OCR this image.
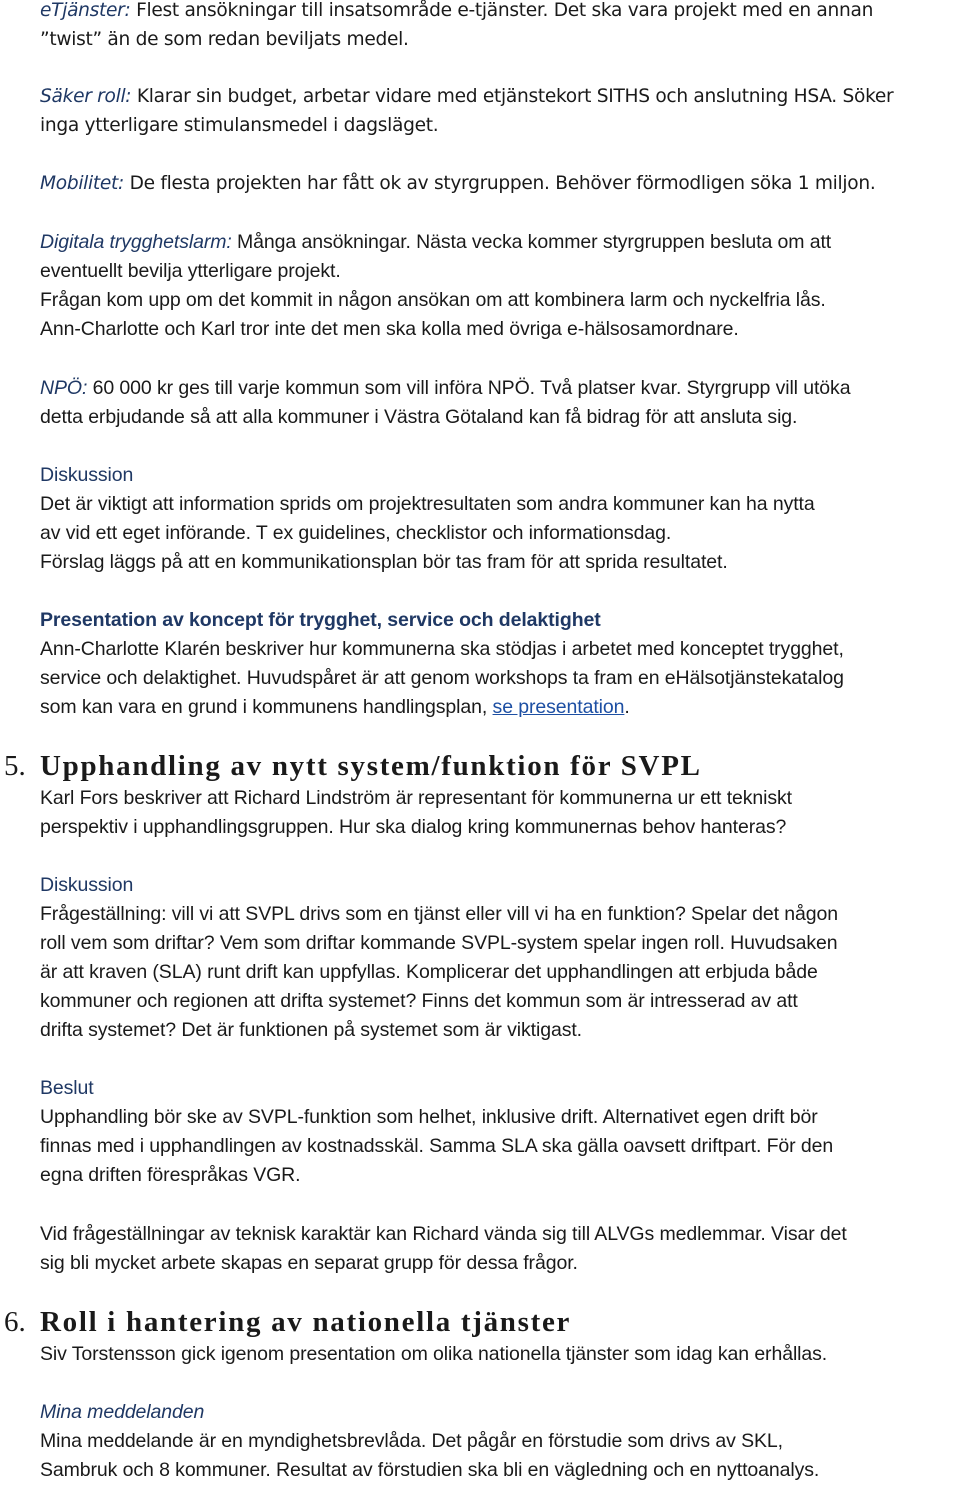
eTjänster: Flest ansökningar till insatsområde e-tjänster. Det ska vara projekt med en annan
”twist” än de som redan beviljats medel.
Säker roll: Klarar sin budget, arbetar vidare med etjänstekort SITHS och anslutning HSA. Söker
inga ytterligare stimulansmedel i dagsläget.
Mobilitet: De flesta projekten har fått ok av styrgruppen. Behöver förmodligen söka 1 miljon.
Digitala trygghetslarm: Många ansökningar. Nästa vecka kommer styrgruppen besluta om att
eventuellt bevilja ytterligare projekt.
Frågan kom upp om det kommit in någon ansökan om att kombinera larm och nyckelfria lås.
Ann-Charlotte och Karl tror inte det men ska kolla med övriga e-hälsosamordnare.
NPÖ: 60 000 kr ges till varje kommun som vill införa NPÖ. Två platser kvar. Styrgrupp vill utöka
detta erbjudande så att alla kommuner i Västra Götaland kan få bidrag för att ansluta sig.
Diskussion
Det är viktigt att information sprids om projektresultaten som andra kommuner kan ha nytta
av vid ett eget införande. T ex guidelines, checklistor och informationsdag.
Förslag läggs på att en kommunikationsplan bör tas fram för att sprida resultatet.
Presentation av koncept för trygghet, service och delaktighet
Ann-Charlotte Klarén beskriver hur kommunerna ska stödjas i arbetet med konceptet trygghet,
service och delaktighet. Huvudspåret är att genom workshops ta fram en eHälsotjänstekatalog
som kan vara en grund i kommunens handlingsplan, se presentation.
5. Upphandling av nytt system/funktion för SVPL
Karl Fors beskriver att Richard Lindström är representant för kommunerna ur ett tekniskt
perspektiv i upphandlingsgruppen. Hur ska dialog kring kommunernas behov hanteras?
Diskussion
Frågeställning: vill vi att SVPL drivs som en tjänst eller vill vi ha en funktion? Spelar det någon
roll vem som driftar? Vem som driftar kommande SVPL-system spelar ingen roll. Huvudsaken
är att kraven (SLA) runt drift kan uppfyllas. Komplicerar det upphandlingen att erbjuda både
kommuner och regionen att drifta systemet? Finns det kommun som är intresserad av att
drifta systemet? Det är funktionen på systemet som är viktigast.
Beslut
Upphandling bör ske av SVPL-funktion som helhet, inklusive drift. Alternativet egen drift bör
finnas med i upphandlingen av kostnadsskäl. Samma SLA ska gälla oavsett driftpart. För den
egna driften förespråkas VGR.
Vid frågeställningar av teknisk karaktär kan Richard vända sig till ALVGs medlemmar. Visar det
sig bli mycket arbete skapas en separat grupp för dessa frågor.
6. Roll i hantering av nationella tjänster
Siv Torstensson gick igenom presentation om olika nationella tjänster som idag kan erhållas.
Mina meddelanden
Mina meddelande är en myndighetsbrevlåda. Det pågår en förstudie som drivs av SKL,
Sambruk och 8 kommuner. Resultat av förstudien ska bli en vägledning och en nyttoanalys.
